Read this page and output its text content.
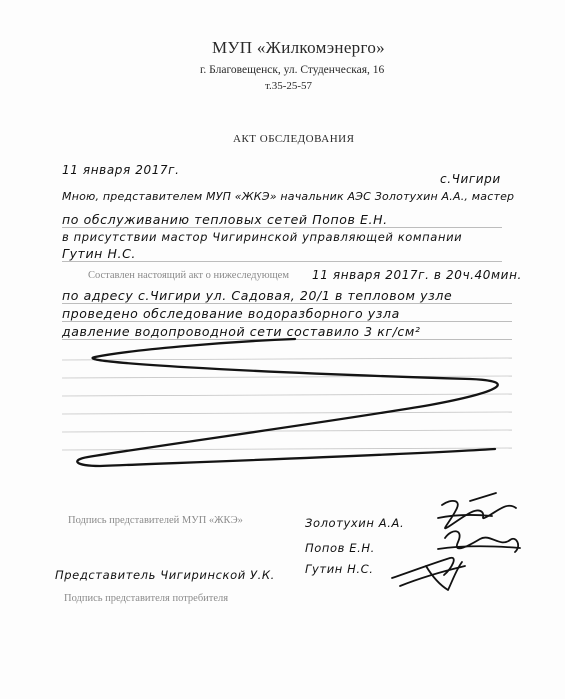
МУП «Жилкомэнерго»
г. Благовещенск, ул. Студенческая, 16
т.35-25-57
АКТ ОБСЛЕДОВАНИЯ
11 января 2017г.
с.Чигири
Мною, представителем МУП «ЖКЭ» начальник АЭС Золотухин А.А., мастер
по обслуживанию тепловых сетей Попов Е.Н.
в присутствии мастор Чигиринской управляющей компании
Гутин Н.С.
Составлен настоящий акт о нижеследующем 11 января 2017г. в 20ч.40мин.
по адресу с.Чигири ул. Садовая, 20/1 в тепловом узле
проведено обследование водоразборного узла
давление водопроводной сети составило 3 кг/см²
Подпись представителей МУП «ЖКЭ»
Представитель Чигиринской У.К.
Подпись представителя потребителя
Золотухин А.А.
Попов Е.Н.
Гутин Н.С.
